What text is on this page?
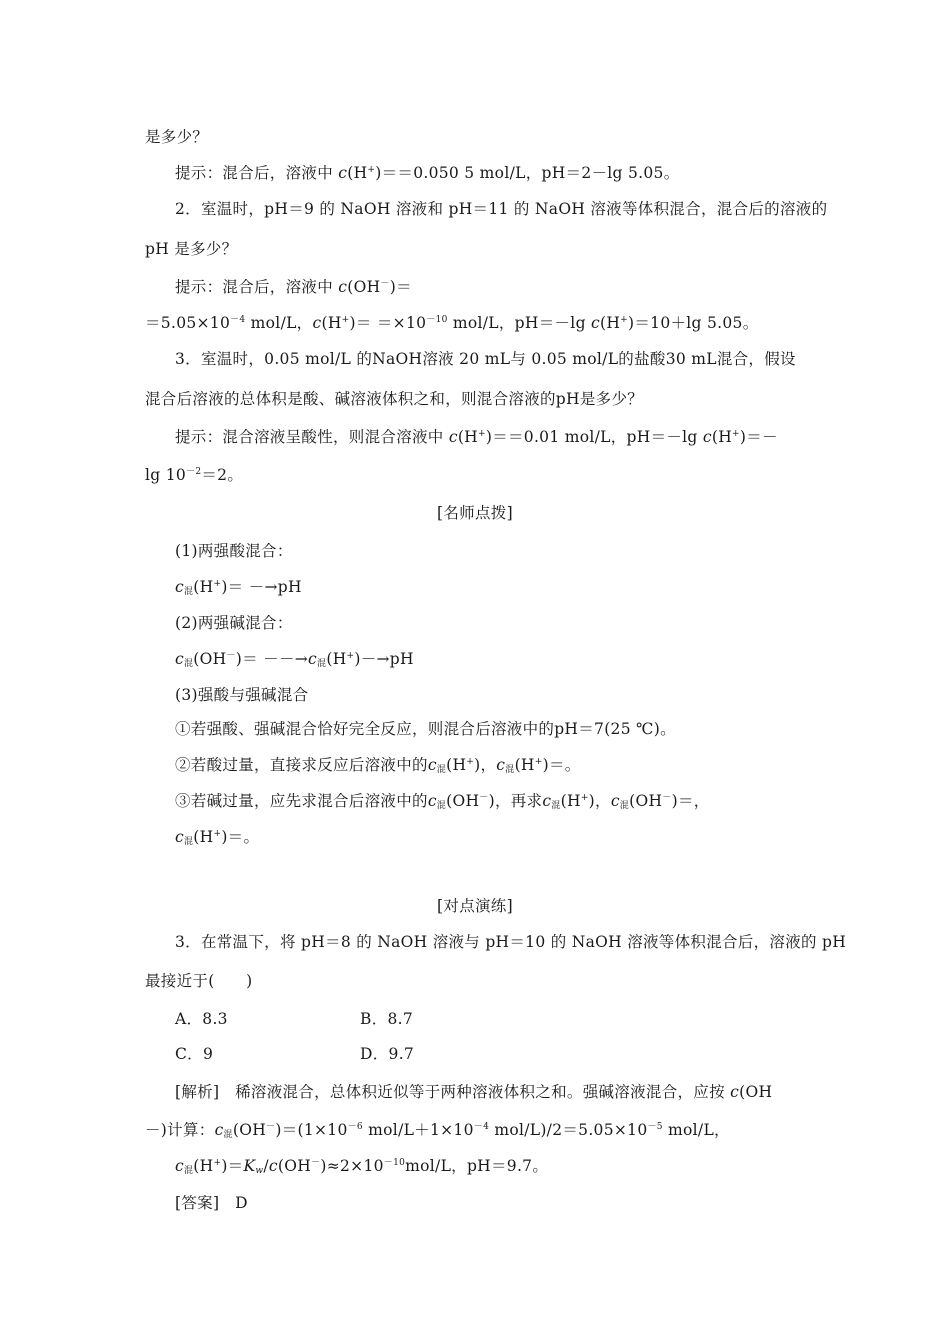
是多少？
提示：混合后，溶液中 c(H+)＝＝0.050 5 mol/L，pH＝2－lg 5.05。
2．室温时，pH＝9 的 NaOH 溶液和 pH＝11 的 NaOH 溶液等体积混合，混合后的溶液的
pH 是多少？
提示：混合后，溶液中 c(OH－)＝
$=5.05\times 10^{-4}$ mol/L，$c(H^+)= =\times 10^{-10}$ mol/L，pH＝－lg c(H+)＝10＋lg 5.05。
3．室温时，0.05 mol/L 的NaOH溶液 20 mL与 0.05 mol/L的盐酸30 mL混合，假设
混合后溶液的总体积是酸、碱溶液体积之和，则混合溶液的pH是多少？
提示：混合溶液呈酸性，则混合溶液中 c(H+)＝＝0.01 mol/L，pH＝－lg c(H+)＝－
$\lg 10^{-2}=2$。
[名师点拨]
(1)两强酸混合：
$c_混(H^+)= -\to pH$
(2)两强碱混合：
$c_混(OH^-)= --\to c_混(H^+)-\to pH$
(3)强酸与强碱混合
①若强酸、强碱混合恰好完全反应，则混合后溶液中的pH＝7(25 ℃)。
②若酸过量，直接求反应后溶液中的$c_混(H^+)$，$c_混(H^+)=$。
③若碱过量，应先求混合后溶液中的$c_混(OH^-)$，再求$c_混(H^+)$，$c_混(OH^-)=$，
$c_混(H^+)=$。
[对点演练]
3．在常温下，将 pH＝8 的 NaOH 溶液与 pH＝10 的 NaOH 溶液等体积混合后，溶液的 pH
最接近于(　　)
A．8.3	B．8.7
C．9	D．9.7
[解析]　稀溶液混合，总体积近似等于两种溶液体积之和。强碱溶液混合，应按 c(OH
－)计算：$c_混(OH^-)=(1\times 10^{-6}$ mol/$L+1\times 10^{-4}$ mol/$L)/2=5.05\times 10^{-5}$ mol/L，
$c_混(H^+)=K_w/c(OH^-)\approx 2\times 10^{-10}mol/L$，pH＝9.7。
[答案]　 D
